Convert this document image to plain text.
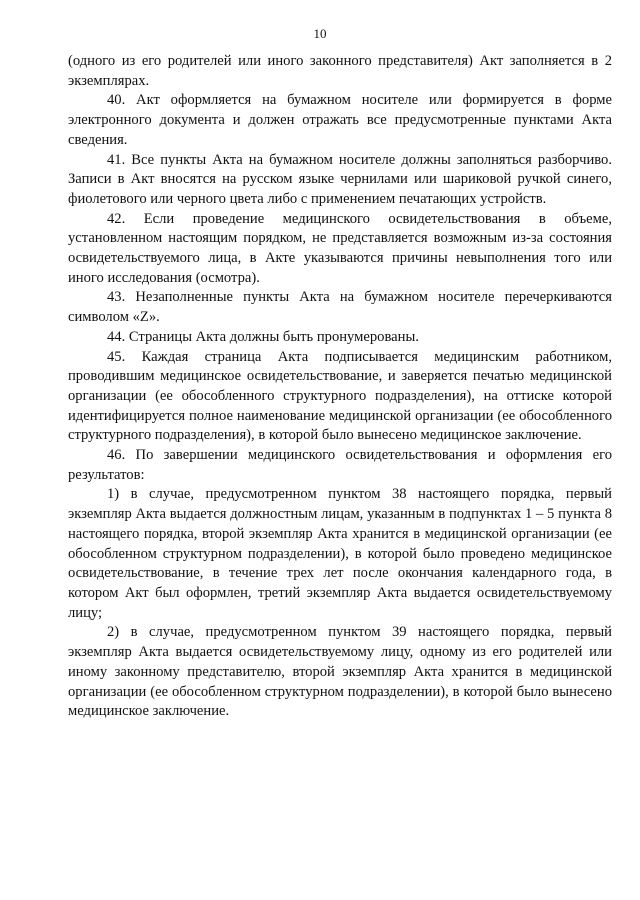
10

(одного из его родителей или иного законного представителя) Акт заполняется в 2 экземплярах.

40. Акт оформляется на бумажном носителе или формируется в форме электронного документа и должен отражать все предусмотренные пунктами Акта сведения.

41. Все пункты Акта на бумажном носителе должны заполняться разборчиво. Записи в Акт вносятся на русском языке чернилами или шариковой ручкой синего, фиолетового или черного цвета либо с применением печатающих устройств.

42. Если проведение медицинского освидетельствования в объеме, установленном настоящим порядком, не представляется возможным из-за состояния освидетельствуемого лица, в Акте указываются причины невыполнения того или иного исследования (осмотра).

43. Незаполненные пункты Акта на бумажном носителе перечеркиваются символом «Z».

44. Страницы Акта должны быть пронумерованы.

45. Каждая страница Акта подписывается медицинским работником, проводившим медицинское освидетельствование, и заверяется печатью медицинской организации (ее обособленного структурного подразделения), на оттиске которой идентифицируется полное наименование медицинской организации (ее обособленного структурного подразделения), в которой было вынесено медицинское заключение.

46. По завершении медицинского освидетельствования и оформления его результатов:

1) в случае, предусмотренном пунктом 38 настоящего порядка, первый экземпляр Акта выдается должностным лицам, указанным в подпунктах 1 – 5 пункта 8 настоящего порядка, второй экземпляр Акта хранится в медицинской организации (ее обособленном структурном подразделении), в которой было проведено медицинское освидетельствование, в течение трех лет после окончания календарного года, в котором Акт был оформлен, третий экземпляр Акта выдается освидетельствуемому лицу;

2) в случае, предусмотренном пунктом 39 настоящего порядка, первый экземпляр Акта выдается освидетельствуемому лицу, одному из его родителей или иному законному представителю, второй экземпляр Акта хранится в медицинской организации (ее обособленном структурном подразделении), в которой было вынесено медицинское заключение.
